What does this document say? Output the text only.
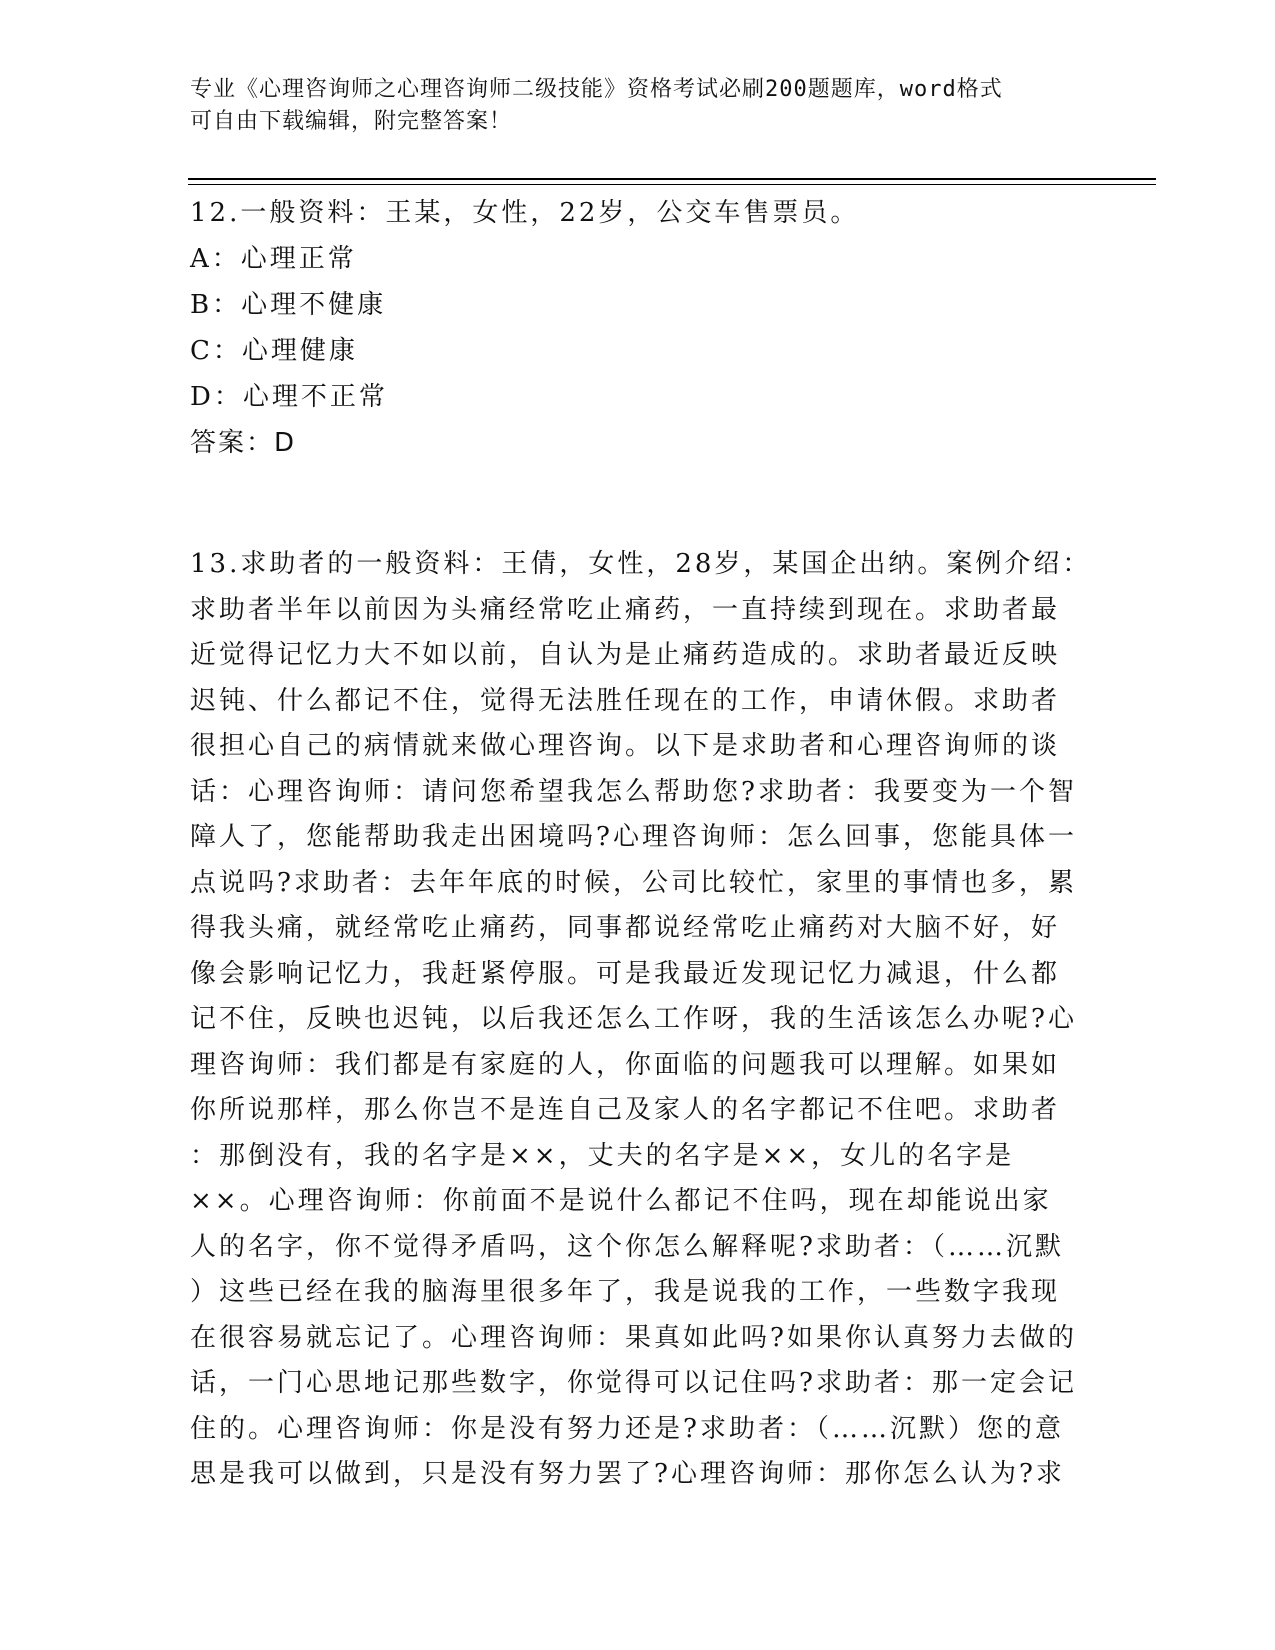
专业《心理咨询师之心理咨询师二级技能》资格考试必刷200题题库，word格式
可自由下载编辑，附完整答案！

12.一般资料：王某，女性，22岁，公交车售票员。

A：心理正常

B：心理不健康

C：心理健康

D：心理不正常

答案：D

13.求助者的一般资料：王倩，女性，28岁，某国企出纳。案例介绍：

求助者半年以前因为头痛经常吃止痛药，一直持续到现在。求助者最

近觉得记忆力大不如以前，自认为是止痛药造成的。求助者最近反映

迟钝、什么都记不住，觉得无法胜任现在的工作，申请休假。求助者

很担心自己的病情就来做心理咨询。以下是求助者和心理咨询师的谈

话：心理咨询师：请问您希望我怎么帮助您?求助者：我要变为一个智

障人了，您能帮助我走出困境吗?心理咨询师：怎么回事，您能具体一

点说吗?求助者：去年年底的时候，公司比较忙，家里的事情也多，累

得我头痛，就经常吃止痛药，同事都说经常吃止痛药对大脑不好，好

像会影响记忆力，我赶紧停服。可是我最近发现记忆力减退，什么都

记不住，反映也迟钝，以后我还怎么工作呀，我的生活该怎么办呢?心

理咨询师：我们都是有家庭的人，你面临的问题我可以理解。如果如

你所说那样，那么你岂不是连自己及家人的名字都记不住吧。求助者

：那倒没有，我的名字是××，丈夫的名字是××，女儿的名字是

××。心理咨询师：你前面不是说什么都记不住吗，现在却能说出家

人的名字，你不觉得矛盾吗，这个你怎么解释呢?求助者：（……沉默

）这些已经在我的脑海里很多年了，我是说我的工作，一些数字我现

在很容易就忘记了。心理咨询师：果真如此吗?如果你认真努力去做的

话，一门心思地记那些数字，你觉得可以记住吗?求助者：那一定会记

住的。心理咨询师：你是没有努力还是?求助者：（……沉默）您的意

思是我可以做到，只是没有努力罢了?心理咨询师：那你怎么认为?求
